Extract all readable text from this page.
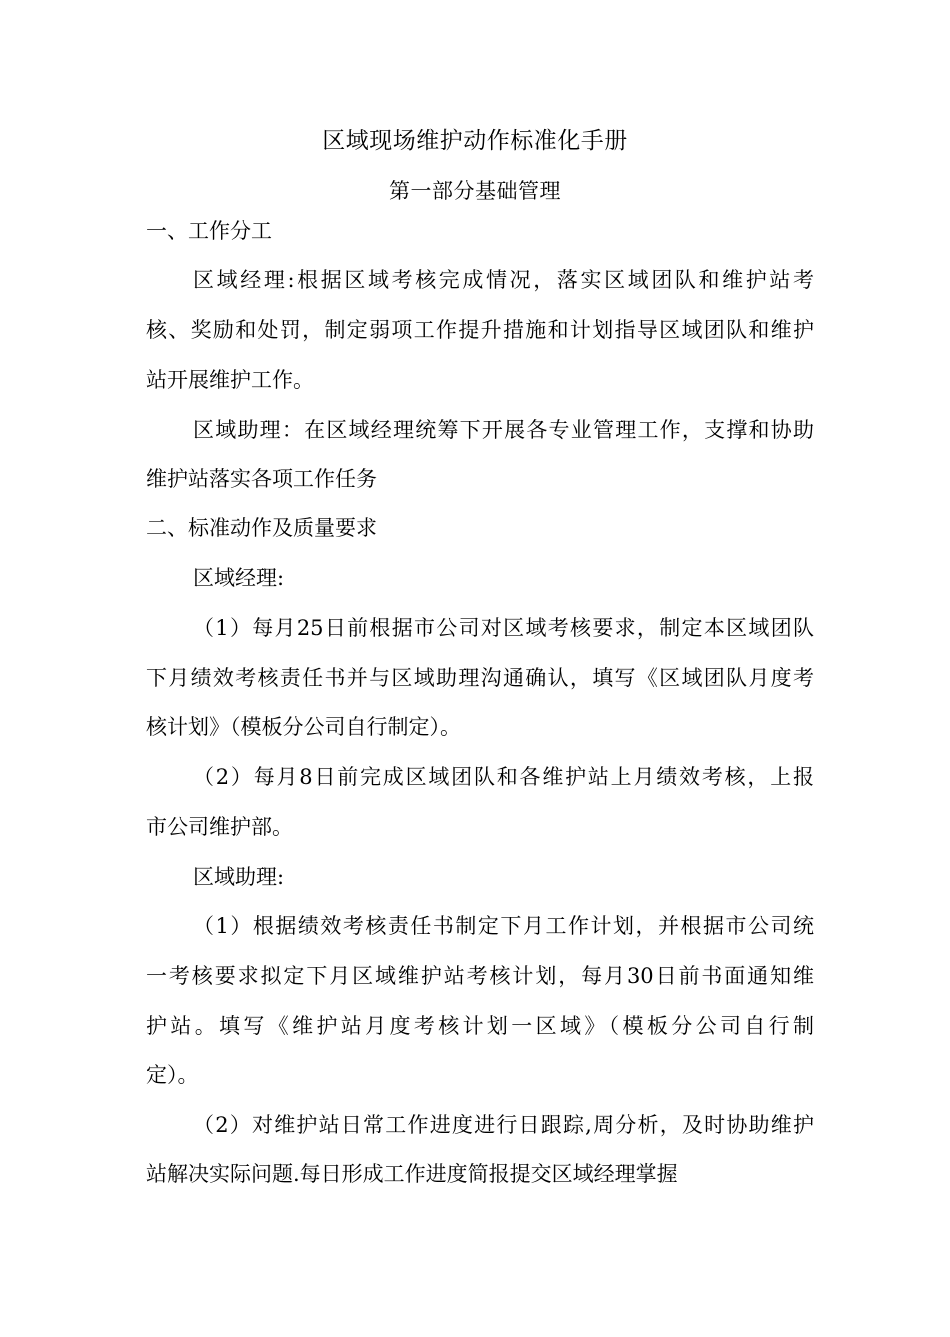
区域现场维护动作标准化手册
第一部分基础管理
一、工作分工
区域经理:根据区域考核完成情况，落实区域团队和维护站考
核、奖励和处罚，制定弱项工作提升措施和计划指导区域团队和维护
站开展维护工作。
区域助理：在区域经理统筹下开展各专业管理工作，支撑和协助
维护站落实各项工作任务
二、标准动作及质量要求
区域经理:
（1）每月25日前根据市公司对区域考核要求，制定本区域团队
下月绩效考核责任书并与区域助理沟通确认，填写《区域团队月度考
核计划》（模板分公司自行制定）。
（2）每月8日前完成区域团队和各维护站上月绩效考核，上报
市公司维护部。
区域助理:
（1）根据绩效考核责任书制定下月工作计划，并根据市公司统
一考核要求拟定下月区域维护站考核计划，每月30日前书面通知维
护站。填写《维护站月度考核计划一区域》（模板分公司自行制
定）。
（2）对维护站日常工作进度进行日跟踪,周分析，及时协助维护
站解决实际问题.每日形成工作进度简报提交区域经理掌握
